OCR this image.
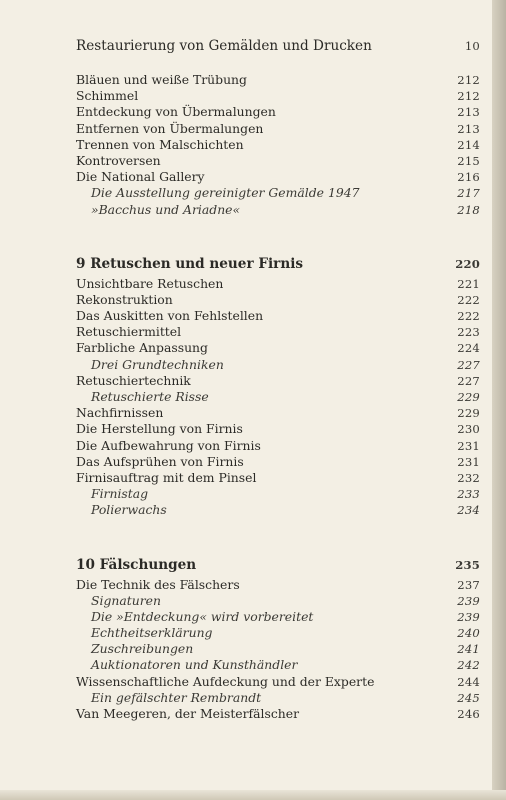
Restaurierung von Gemälden und Drucken	10
Bläuen und weiße Trübung	212
Schimmel	212
Entdeckung von Übermalungen	213
Entfernen von Übermalungen	213
Trennen von Malschichten	214
Kontroversen	215
Die National Gallery	216
Die Ausstellung gereinigter Gemälde 1947	217
»Bacchus und Ariadne«	218
9 Retuschen und neuer Firnis	220
Unsichtbare Retuschen	221
Rekonstruktion	222
Das Auskitten von Fehlstellen	222
Retuschiermittel	223
Farbliche Anpassung	224
Drei Grundtechniken	227
Retuschiertechnik	227
Retuschierte Risse	229
Nachfirnissen	229
Die Herstellung von Firnis	230
Die Aufbewahrung von Firnis	231
Das Aufsprühen von Firnis	231
Firnisauftrag mit dem Pinsel	232
Firnistag	233
Polierwachs	234
10 Fälschungen	235
Die Technik des Fälschers	237
Signaturen	239
Die »Entdeckung« wird vorbereitet	239
Echtheitserklärung	240
Zuschreibungen	241
Auktionatoren und Kunsthändler	242
Wissenschaftliche Aufdeckung und der Experte	244
Ein gefälschter Rembrandt	245
Van Meegeren, der Meisterfälscher	246
